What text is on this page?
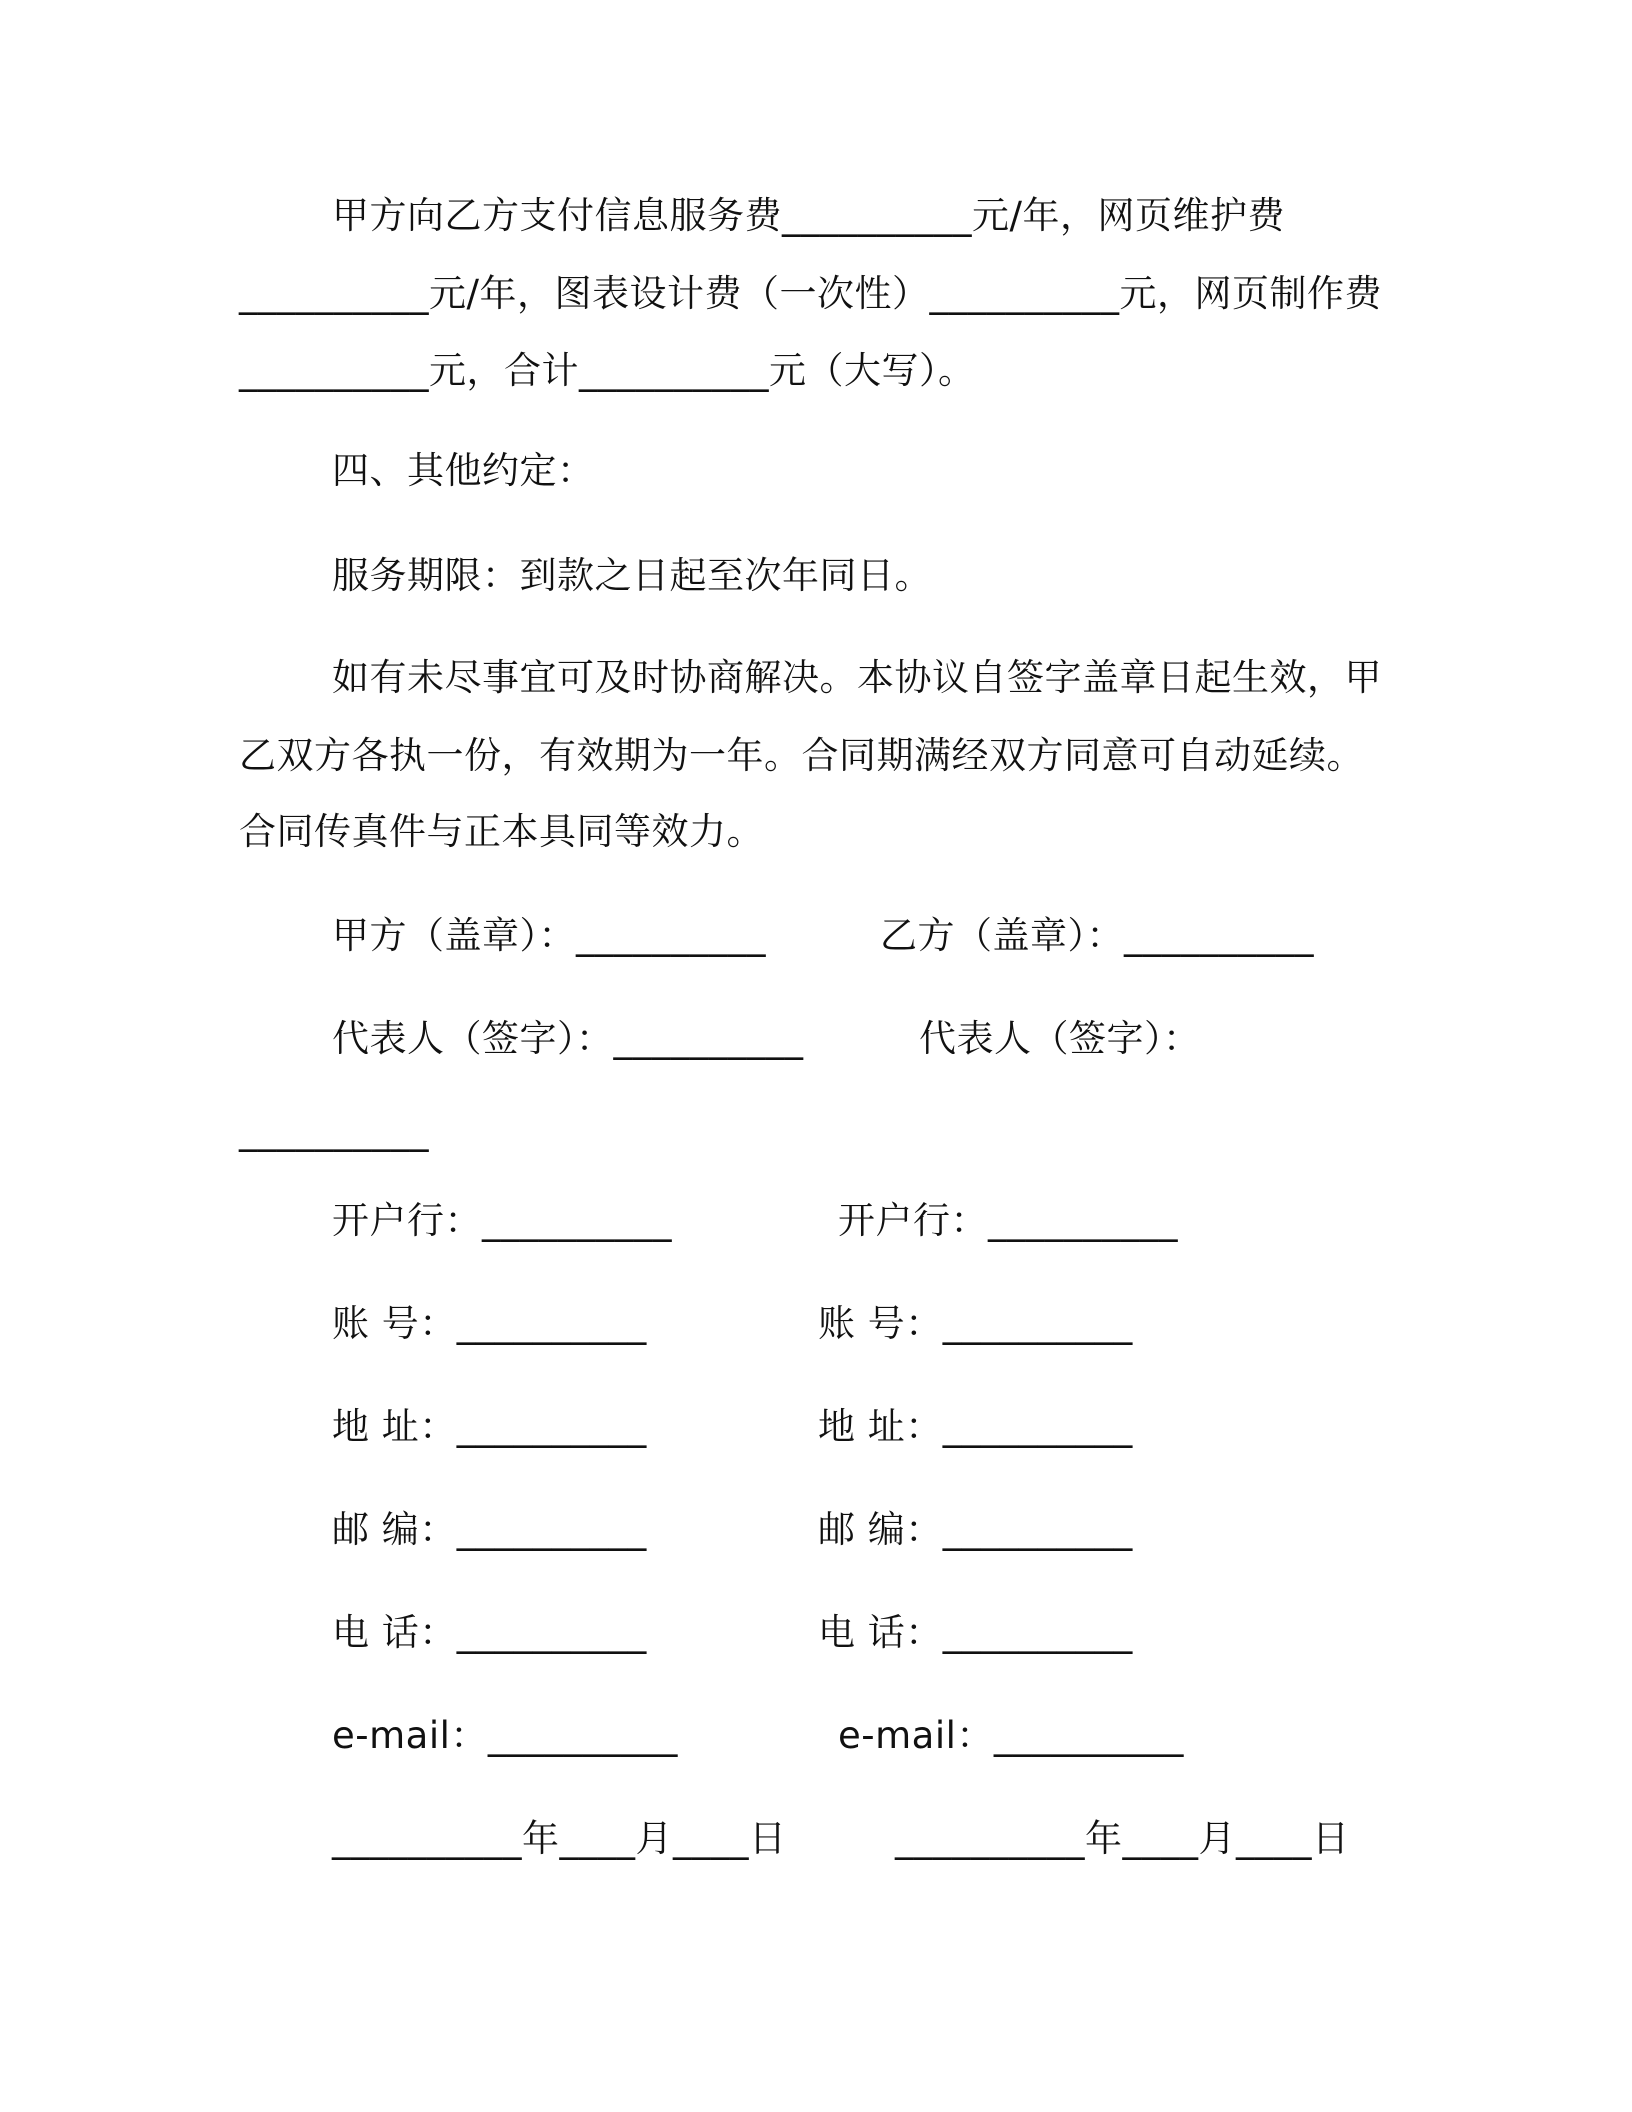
甲方向乙方支付信息服务费__________元/年，网页维护费
__________元/年，图表设计费（一次性）__________元，网页制作费
__________元，合计__________元（大写）。
四、其他约定：
服务期限：到款之日起至次年同日。
如有未尽事宜可及时协商解决。本协议自签字盖章日起生效，甲
乙双方各执一份，有效期为一年。合同期满经双方同意可自动延续。
合同传真件与正本具同等效力。
甲方（盖章）：__________	乙方（盖章）：__________
代表人（签字）：__________	代表人（签字）：
__________
开户行：__________	开户行：__________
账 号：__________	账 号：__________
地 址：__________	地 址：__________
邮 编：__________	邮 编：__________
电 话：__________	电 话：__________
e-mail：__________	e-mail：__________
__________年____月____日	__________年____月____日
